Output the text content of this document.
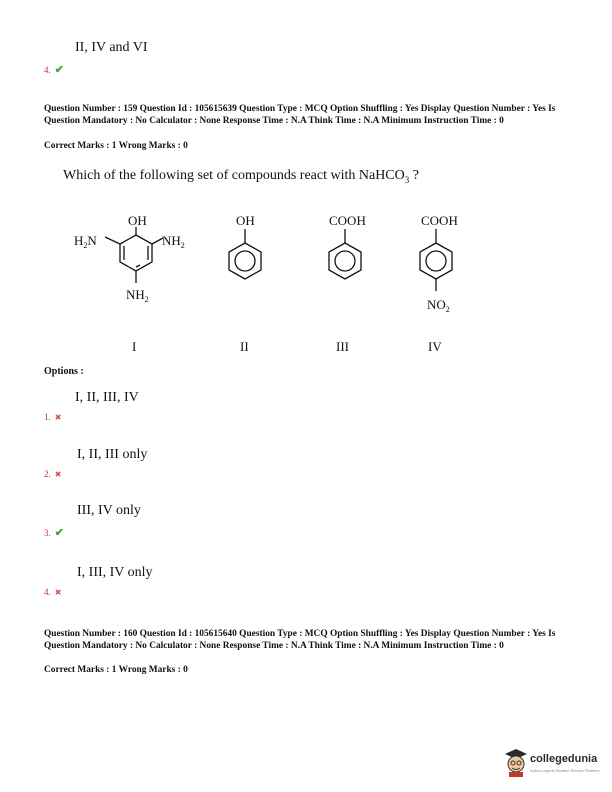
II, IV and VI
4. ✔
Question Number : 159 Question Id : 105615639 Question Type : MCQ Option Shuffling : Yes Display Question Number : Yes Is Question Mandatory : No Calculator : None Response Time : N.A Think Time : N.A Minimum Instruction Time : 0
Correct Marks : 1 Wrong Marks : 0
Which of the following set of compounds react with NaHCO$_3$ ?
OH
$H_2N$	$NH_2$
$NH_2$
OH	COOH	COOH
$NO_2$
I	II	III	IV
Options :
I, II, III, IV
1. ✖
I, II, III only
2. ✖
III, IV only
3. ✔
I, III, IV only
4. ✖
Question Number : 160 Question Id : 105615640 Question Type : MCQ Option Shuffling : Yes Display Question Number : Yes Is Question Mandatory : No Calculator : None Response Time : N.A Think Time : N.A Minimum Instruction Time : 0
Correct Marks : 1 Wrong Marks : 0
collegedunia
India's largest Student Review Platform
